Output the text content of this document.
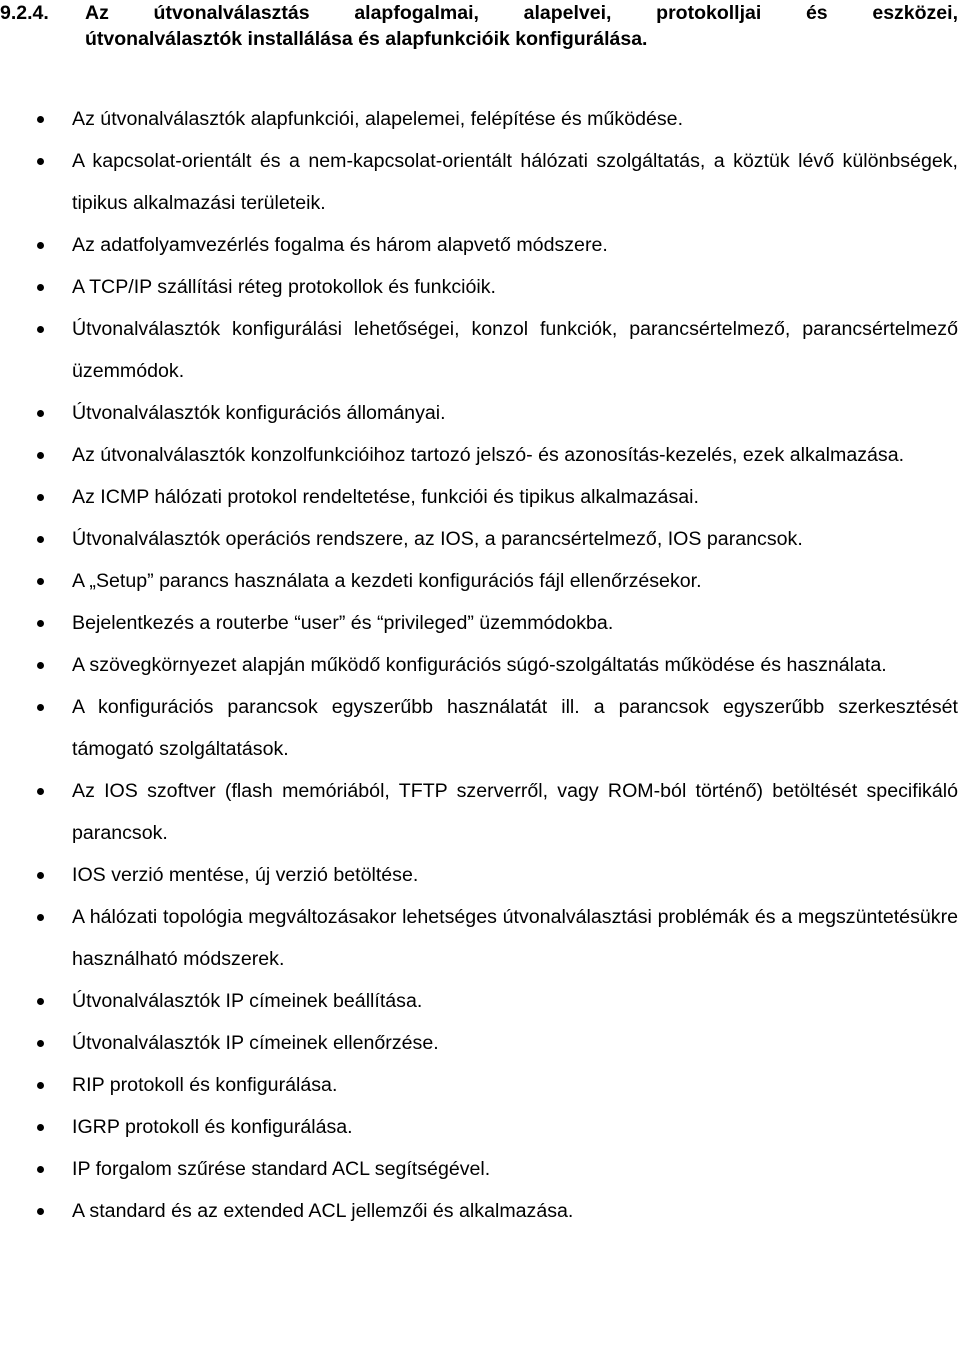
9.2.4. Az útvonalválasztás alapfogalmai, alapelvei, protokolljai és eszközei,
útvonalválasztók installálása és alapfunkcióik konfigurálása.
Az útvonalválasztók alapfunkciói, alapelemei, felépítése és működése.
A kapcsolat-orientált és a nem-kapcsolat-orientált hálózati szolgáltatás, a köztük lévő különbségek, tipikus alkalmazási területeik.
Az adatfolyamvezérlés fogalma és három alapvető módszere.
A TCP/IP szállítási réteg protokollok és funkcióik.
Útvonalválasztók konfigurálási lehetőségei, konzol funkciók, parancsértelmező, parancsértelmező üzemmódok.
Útvonalválasztók konfigurációs állományai.
Az útvonalválasztók konzolfunkcióihoz tartozó jelszó- és azonosítás-kezelés, ezek alkalmazása.
Az ICMP hálózati protokol rendeltetése, funkciói és tipikus alkalmazásai.
Útvonalválasztók operációs rendszere, az IOS, a parancsértelmező, IOS parancsok.
A „Setup” parancs használata a kezdeti konfigurációs fájl ellenőrzésekor.
Bejelentkezés a routerbe “user” és “privileged” üzemmódokba.
A szövegkörnyezet alapján működő konfigurációs súgó-szolgáltatás működése és használata.
A konfigurációs parancsok egyszerűbb használatát ill. a parancsok egyszerűbb szerkesztését támogató szolgáltatások.
Az IOS szoftver (flash memóriából, TFTP szerverről, vagy ROM-ból történő) betöltését specifikáló parancsok.
IOS verzió mentése, új verzió betöltése.
A hálózati topológia megváltozásakor lehetséges útvonalválasztási problémák és a megszüntetésükre használható módszerek.
Útvonalválasztók IP címeinek beállítása.
Útvonalválasztók IP címeinek ellenőrzése.
RIP protokoll és konfigurálása.
IGRP protokoll és konfigurálása.
IP forgalom szűrése standard ACL segítségével.
A standard és az extended ACL jellemzői és alkalmazása.
